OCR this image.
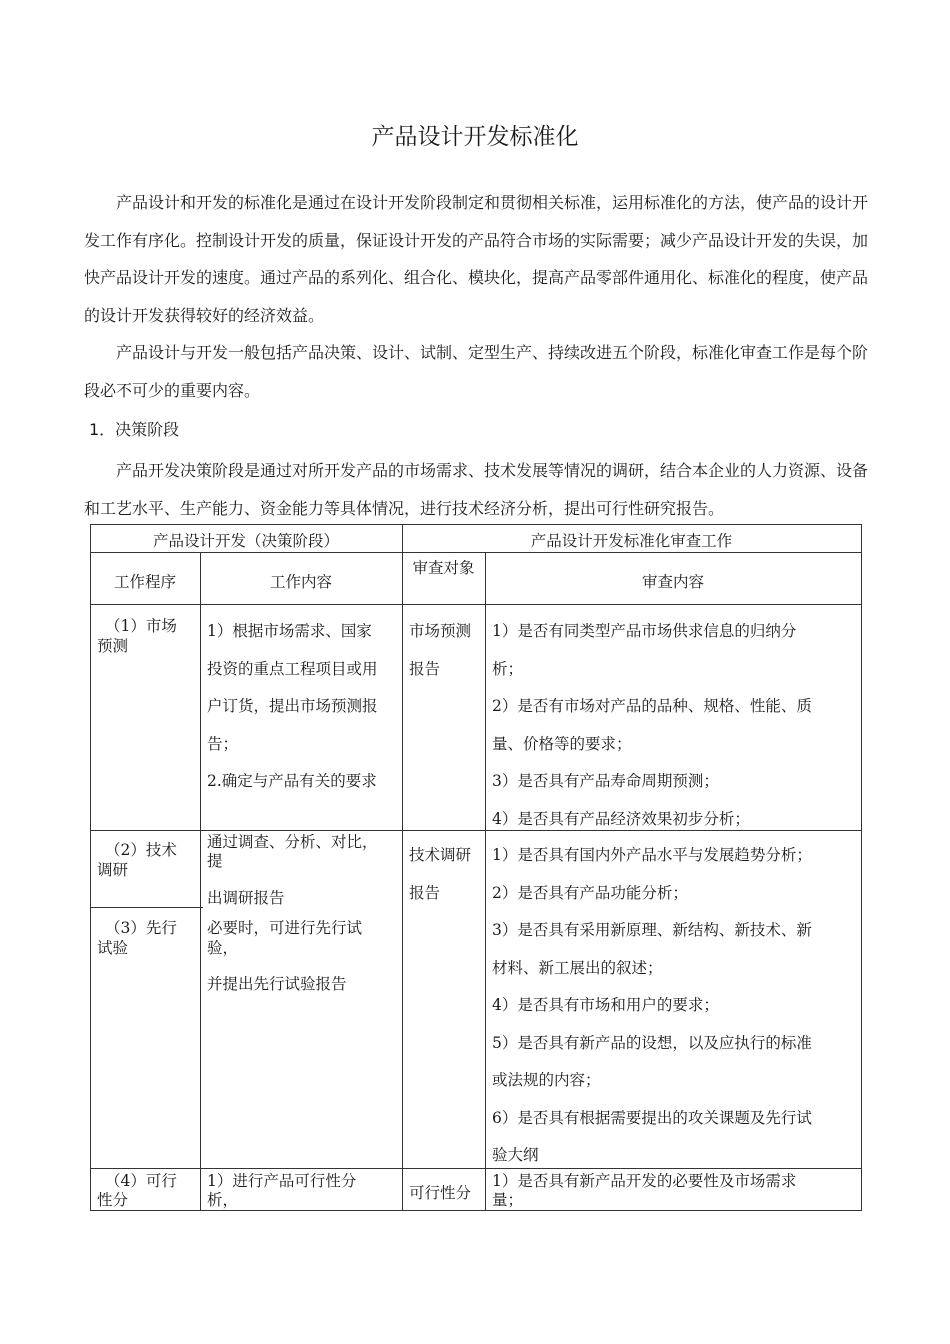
产品设计开发标准化

产品设计和开发的标准化是通过在设计开发阶段制定和贯彻相关标准，运用标准化的方法，使产品的设计开发工作有序化。控制设计开发的质量，保证设计开发的产品符合市场的实际需要；减少产品设计开发的失误，加快产品设计开发的速度。通过产品的系列化、组合化、模块化，提高产品零部件通用化、标准化的程度，使产品的设计开发获得较好的经济效益。

产品设计与开发一般包括产品决策、设计、试制、定型生产、持续改进五个阶段，标准化审查工作是每个阶段必不可少的重要内容。

1．决策阶段

产品开发决策阶段是通过对所开发产品的市场需求、技术发展等情况的调研，结合本企业的人力资源、设备和工艺水平、生产能力、资金能力等具体情况，进行技术经济分析，提出可行性研究报告。

产品设计开发（决策阶段）	产品设计开发标准化审查工作
工作程序	工作内容
审查对象
审查内容
（1）市场
预测
1）根据市场需求、国家
投资的重点工程项目或用
户订货，提出市场预测报
告；
2.确定与产品有关的要求
（2）技术
调研
通过调查、分析、对比，
提
出调研报告
（3）先行
试验
必要时，可进行先行试
验，
并提出先行试验报告
（4）可行
性分
1）进行产品可行性分
析，
市场预测
报告
1）是否有同类型产品市场供求信息的归纳分
析；
2）是否有市场对产品的品种、规格、性能、质
量、价格等的要求；
3）是否具有产品寿命周期预测；
4）是否具有产品经济效果初步分析；
技术调研
报告
1）是否具有国内外产品水平与发展趋势分析；
2）是否具有产品功能分析；
3）是否具有采用新原理、新结构、新技术、新
材料、新工展出的叙述；
4）是否具有市场和用户的要求；
5）是否具有新产品的设想，以及应执行的标准
或法规的内容；
6）是否具有根据需要提出的攻关课题及先行试
验大纲
可行性分
1）是否具有新产品开发的必要性及市场需求
量；
